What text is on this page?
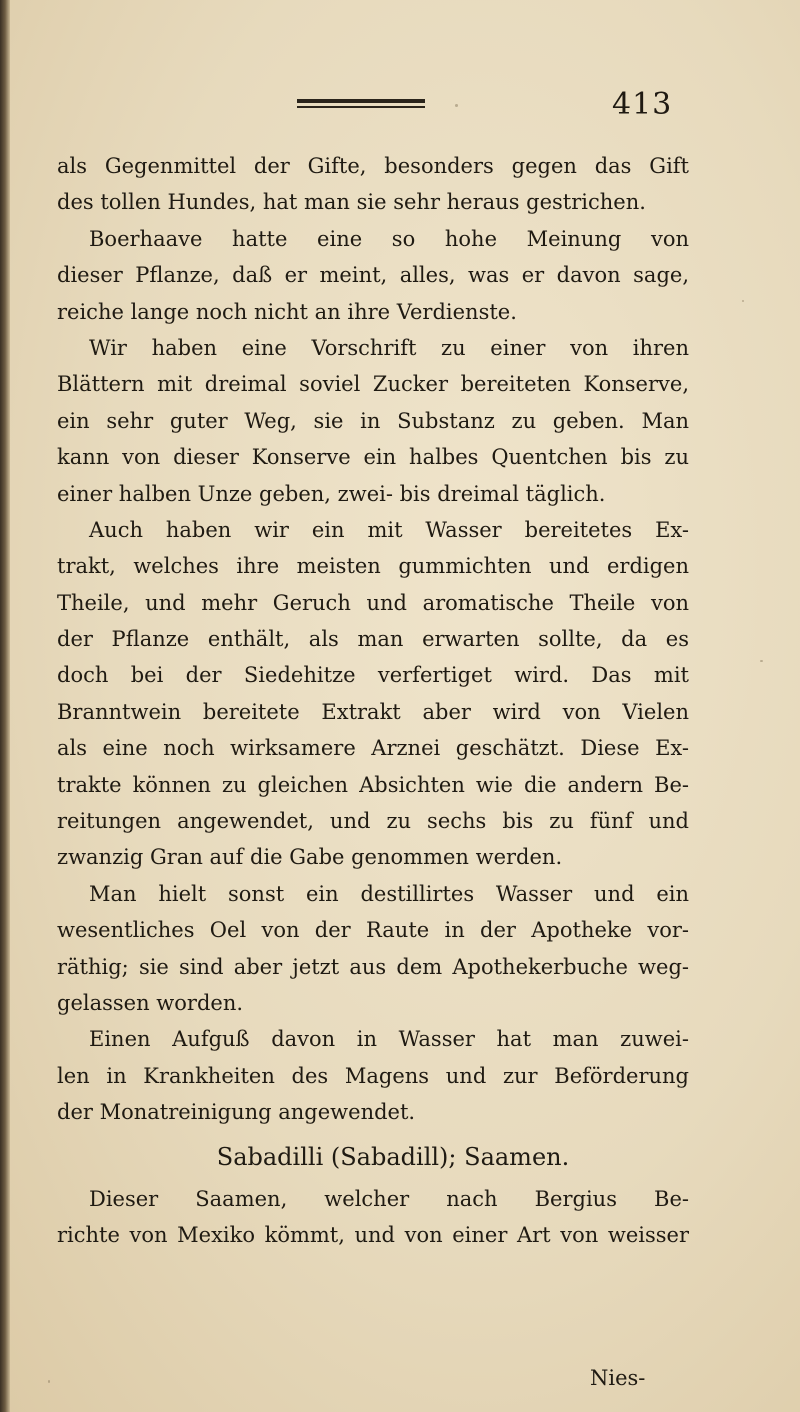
413
als Gegenmittel der Gifte, besonders gegen das Gift
des tollen Hundes, hat man sie sehr heraus gestrichen.
Boerhaave hatte eine so hohe Meinung von
dieser Pflanze, daß er meint, alles, was er davon sage,
reiche lange noch nicht an ihre Verdienste.
Wir haben eine Vorschrift zu einer von ihren
Blättern mit dreimal soviel Zucker bereiteten Konserve,
ein sehr guter Weg, sie in Substanz zu geben. Man
kann von dieser Konserve ein halbes Quentchen bis zu
einer halben Unze geben, zwei- bis dreimal täglich.
Auch haben wir ein mit Wasser bereitetes Ex-
trakt, welches ihre meisten gummichten und erdigen
Theile, und mehr Geruch und aromatische Theile von
der Pflanze enthält, als man erwarten sollte, da es
doch bei der Siedehitze verfertiget wird. Das mit
Branntwein bereitete Extrakt aber wird von Vielen
als eine noch wirksamere Arznei geschätzt. Diese Ex-
trakte können zu gleichen Absichten wie die andern Be-
reitungen angewendet, und zu sechs bis zu fünf und
zwanzig Gran auf die Gabe genommen werden.
Man hielt sonst ein destillirtes Wasser und ein
wesentliches Oel von der Raute in der Apotheke vor-
räthig; sie sind aber jetzt aus dem Apothekerbuche weg-
gelassen worden.
Einen Aufguß davon in Wasser hat man zuwei-
len in Krankheiten des Magens und zur Beförderung
der Monatreinigung angewendet.
Sabadilli (Sabadill); Saamen.
Dieser Saamen, welcher nach Bergius Be-
richte von Mexiko kömmt, und von einer Art von weisser
Nies-
